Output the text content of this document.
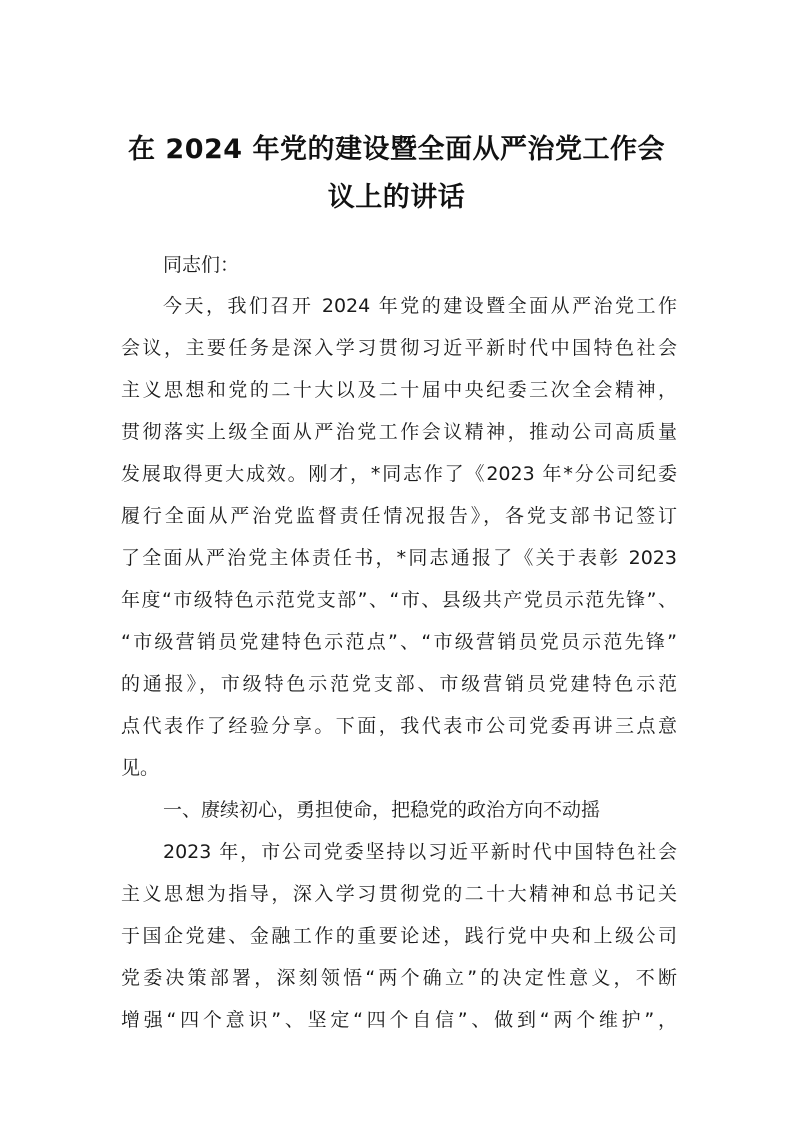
在 2024 年党的建设暨全面从严治党工作会
议上的讲话
同志们：
今天，我们召开 2024 年党的建设暨全面从严治党工作
会议，主要任务是深入学习贯彻习近平新时代中国特色社会
主义思想和党的二十大以及二十届中央纪委三次全会精神，
贯彻落实上级全面从严治党工作会议精神，推动公司高质量
发展取得更大成效。刚才，*同志作了《2023 年*分公司纪委
履行全面从严治党监督责任情况报告》，各党支部书记签订
了全面从严治党主体责任书，*同志通报了《关于表彰 2023
年度“市级特色示范党支部”、“市、县级共产党员示范先锋”、
“市级营销员党建特色示范点”、“市级营销员党员示范先锋”
的通报》，市级特色示范党支部、市级营销员党建特色示范
点代表作了经验分享。下面，我代表市公司党委再讲三点意
见。
一、赓续初心，勇担使命，把稳党的政治方向不动摇
2023 年，市公司党委坚持以习近平新时代中国特色社会
主义思想为指导，深入学习贯彻党的二十大精神和总书记关
于国企党建、金融工作的重要论述，践行党中央和上级公司
党委决策部署，深刻领悟“两个确立”的决定性意义，不断
增强“四个意识”、坚定“四个自信”、做到“两个维护”，
